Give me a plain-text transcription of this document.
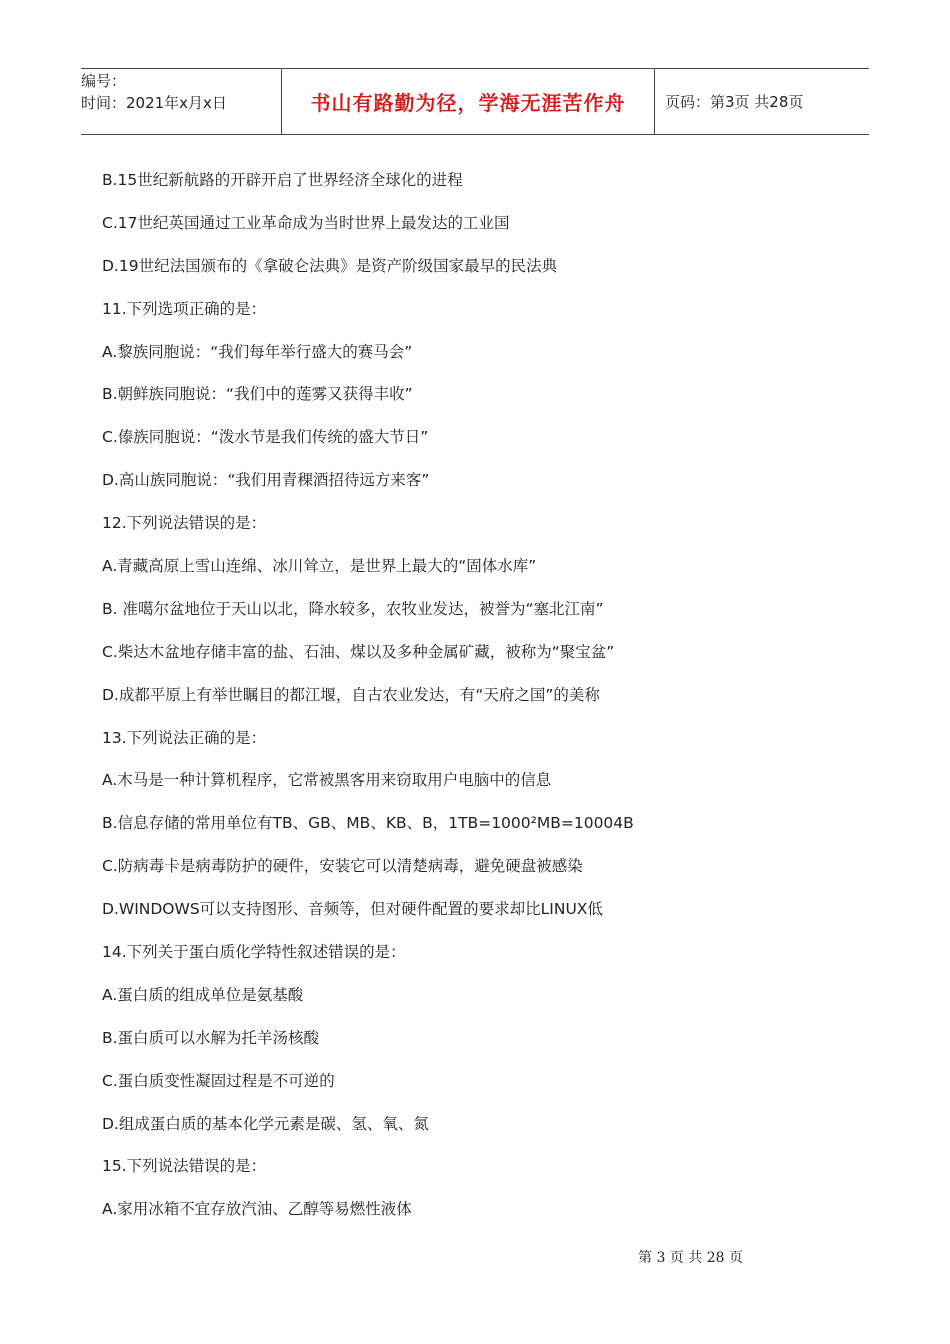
编号：
时间：2021年x月x日	书山有路勤为径，学海无涯苦作舟	页码：第3页 共28页
B.15世纪新航路的开辟开启了世界经济全球化的进程
C.17世纪英国通过工业革命成为当时世界上最发达的工业国
D.19世纪法国颁布的《拿破仑法典》是资产阶级国家最早的民法典
11.下列选项正确的是：
A.黎族同胞说：“我们每年举行盛大的赛马会”
B.朝鲜族同胞说：“我们中的莲雾又获得丰收”
C.傣族同胞说：“泼水节是我们传统的盛大节日”
D.高山族同胞说：“我们用青稞酒招待远方来客”
12.下列说法错误的是：
A.青藏高原上雪山连绵、冰川耸立，是世界上最大的“固体水库”
B. 准噶尔盆地位于天山以北，降水较多，农牧业发达，被誉为“塞北江南”
C.柴达木盆地存储丰富的盐、石油、煤以及多种金属矿藏，被称为“聚宝盆”
D.成都平原上有举世瞩目的都江堰，自古农业发达，有“天府之国”的美称
13.下列说法正确的是：
A.木马是一种计算机程序，它常被黑客用来窃取用户电脑中的信息
B.信息存储的常用单位有TB、GB、MB、KB、B，1TB=1000²MB=10004B
C.防病毒卡是病毒防护的硬件，安装它可以清楚病毒，避免硬盘被感染
D.WINDOWS可以支持图形、音频等，但对硬件配置的要求却比LINUX低
14.下列关于蛋白质化学特性叙述错误的是：
A.蛋白质的组成单位是氨基酸
B.蛋白质可以水解为托羊汤核酸
C.蛋白质变性凝固过程是不可逆的
D.组成蛋白质的基本化学元素是碳、氢、氧、氮
15.下列说法错误的是：
A.家用冰箱不宜存放汽油、乙醇等易燃性液体
第 3 页 共 28 页
